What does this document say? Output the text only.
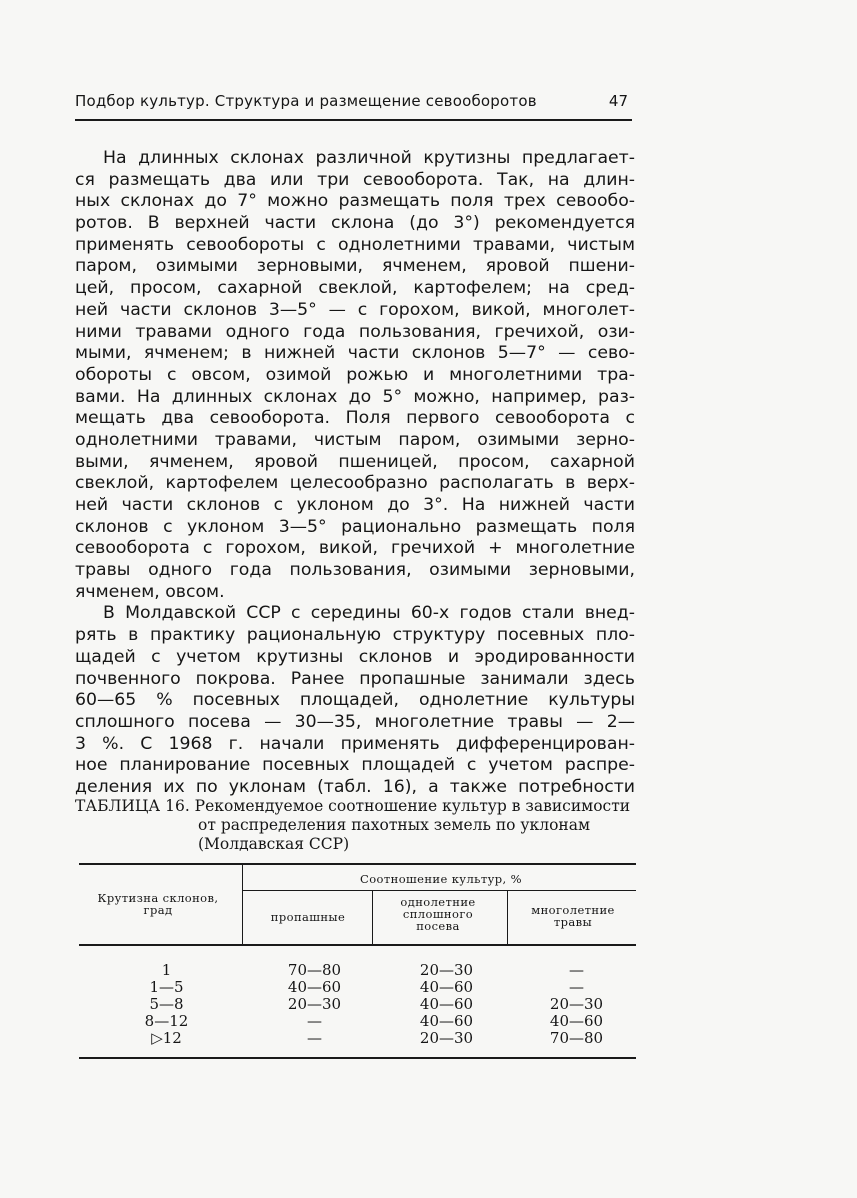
Подбор культур. Структура и размещение севооборотов	47
На длинных склонах различной крутизны предлагает-
ся размещать два или три севооборота. Так, на длин-
ных склонах до 7° можно размещать поля трех севообо-
ротов. В верхней части склона (до 3°) рекомендуется
применять севообороты с однолетними травами, чистым
паром, озимыми зерновыми, ячменем, яровой пшени-
цей, просом, сахарной свеклой, картофелем; на сред-
ней части склонов 3—5° — с горохом, викой, многолет-
ними травами одного года пользования, гречихой, ози-
мыми, ячменем; в нижней части склонов 5—7° — сево-
обороты с овсом, озимой рожью и многолетними тра-
вами. На длинных склонах до 5° можно, например, раз-
мещать два севооборота. Поля первого севооборота с
однолетними травами, чистым паром, озимыми зерно-
выми, ячменем, яровой пшеницей, просом, сахарной
свеклой, картофелем целесообразно располагать в верх-
ней части склонов с уклоном до 3°. На нижней части
склонов с уклоном 3—5° рационально размещать поля
севооборота с горохом, викой, гречихой + многолетние
травы одного года пользования, озимыми зерновыми,
ячменем, овсом.
В Молдавской ССР с середины 60-х годов стали внед-
рять в практику рациональную структуру посевных пло-
щадей с учетом крутизны склонов и эродированности
почвенного покрова. Ранее пропашные занимали здесь
60—65 % посевных площадей, однолетние культуры
сплошного посева — 30—35, многолетние травы — 2—
3 %. С 1968 г. начали применять дифференцирован-
ное планирование посевных площадей с учетом распре-
деления их по уклонам (табл. 16), а также потребности
ТАБЛИЦА 16. Рекомендуемое соотношение культур в зависимости
от распределения пахотных земель по уклонам
(Молдавская ССР)
Крутизна склонов, град
Соотношение культур, %
пропашные
однолетние сплошного посева
многолетние травы
1
1—5
5—8
8—12
▷12
70—80
40—60
20—30
—
—
20—30
40—60
40—60
40—60
20—30
—
—
20—30
40—60
70—80
